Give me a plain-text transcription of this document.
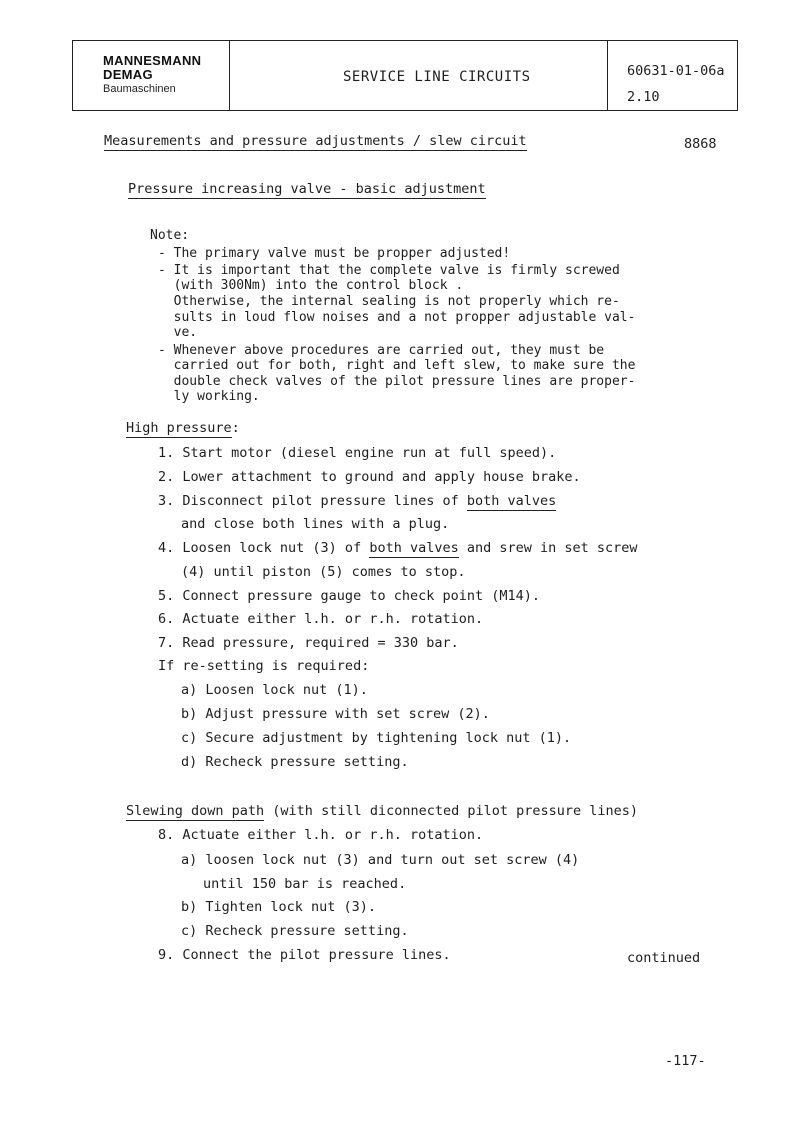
MANNESMANN
DEMAG
Baumaschinen
SERVICE LINE CIRCUITS	60631-01-06a
2.10
Measurements and pressure adjustments / slew circuit	8868
Pressure increasing valve - basic adjustment
Note:
- The primary valve must be propper adjusted!
- It is important that the complete valve is firmly screwed
(with 300Nm) into the control block .
Otherwise, the internal sealing is not properly which re-
sults in loud flow noises and a not propper adjustable val-
ve.
- Whenever above procedures are carried out, they must be
carried out for both, right and left slew, to make sure the
double check valves of the pilot pressure lines are proper-
ly working.
High pressure:
1. Start motor (diesel engine run at full speed).
2. Lower attachment to ground and apply house brake.
3. Disconnect pilot pressure lines of both valves
and close both lines with a plug.
4. Loosen lock nut (3) of both valves and srew in set screw
(4) until piston (5) comes to stop.
5. Connect pressure gauge to check point (M14).
6. Actuate either l.h. or r.h. rotation.
7. Read pressure, required = 330 bar.
If re-setting is required:
a) Loosen lock nut (1).
b) Adjust pressure with set screw (2).
c) Secure adjustment by tightening lock nut (1).
d) Recheck pressure setting.
Slewing down path (with still diconnected pilot pressure lines)
8. Actuate either l.h. or r.h. rotation.
a) loosen lock nut (3) and turn out set screw (4)
until 150 bar is reached.
b) Tighten lock nut (3).
c) Recheck pressure setting.
9. Connect the pilot pressure lines.	continued
-117-
